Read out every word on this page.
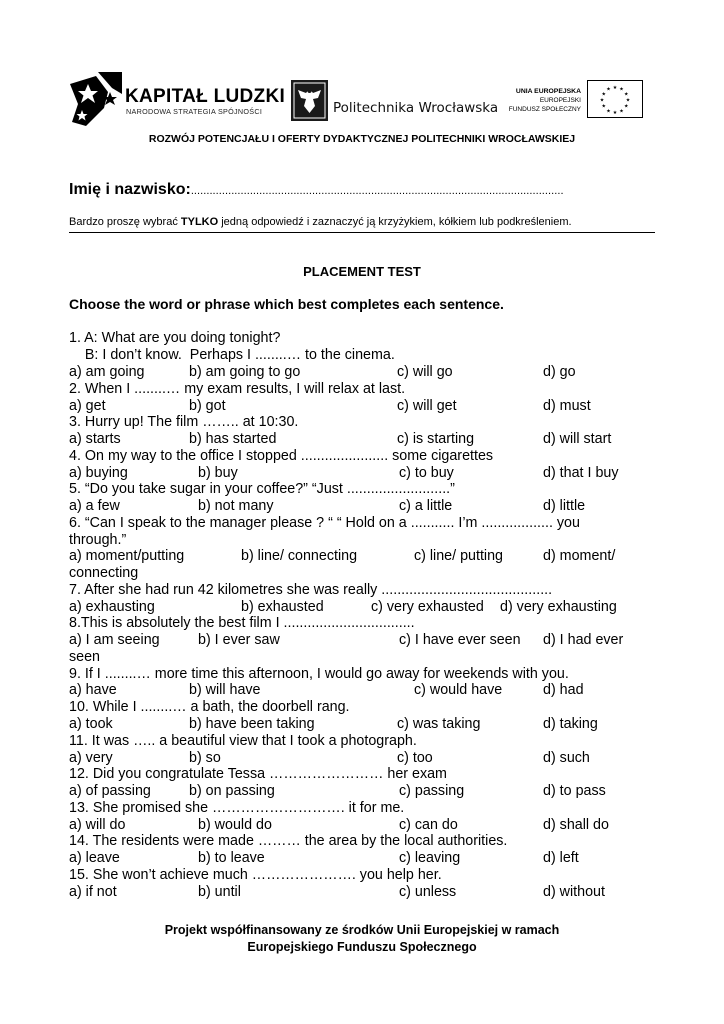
KAPITAŁ LUDZKI
NARODOWA STRATEGIA SPÓJNOŚCI	Politechnika Wrocławska
UNIA EUROPEJSKA
EUROPEJSKI
FUNDUSZ SPOŁECZNY
★ ★
★
★
★
★
★
★
★
★
★
★
ROZWÓJ POTENCJAŁU I OFERTY DYDAKTYCZNEJ POLITECHNIKI WROCŁAWSKIEJ
Imię i nazwisko:........................................................................................................................
Bardzo proszę wybrać TYLKO jedną odpowiedź i zaznaczyć ją krzyżykiem, kółkiem lub podkreśleniem.
PLACEMENT TEST
Choose the word or phrase which best completes each sentence.
1. A: What are you doing tonight?
B: I don’t know.  Perhaps I ........… to the cinema.
a) am going	b) am going to go	c) will go	d) go
2. When I ........… my exam results, I will relax at last.
a) get	b) got	c) will get	d) must
3. Hurry up! The film …….. at 10:30.
a) starts	b) has started	c) is starting	d) will start
4. On my way to the office I stopped ...................... some cigarettes
a) buying	b) buy	c) to buy	d) that I buy
5. “Do you take sugar in your coffee?” “Just ..........................”
a) a few	b) not many	c) a little	d) little
6. “Can I speak to the manager please ? “ “ Hold on a ........... I’m .................. you
through.”
a) moment/putting	b) line/ connecting	c) line/ putting	d) moment/
connecting
7. After she had run 42 kilometres she was really ...........................................
a) exhausting	b) exhausted	c) very exhausted d) very exhausting
8.This is absolutely the best film I .................................
a) I am seeing	b) I ever saw	c) I have ever seen d) I had ever
seen
9. If I ........… more time this afternoon, I would go away for weekends with you.
a) have	b) will have	c) would have	d) had
10. While I ........… a bath, the doorbell rang.
a) took	b) have been taking	c) was taking	d) taking
11. It was ….. a beautiful view that I took a photograph.
a) very	b) so	c) too	d) such
12. Did you congratulate Tessa …………………… her exam
a) of passing	b) on passing	c) passing	d) to pass
13. She promised she ………………………. it for me.
a) will do	b) would do	c) can do	d) shall do
14. The residents were made ……… the area by the local authorities.
a) leave	b) to leave	c) leaving	d) left
15. She won’t achieve much …………………. you help her.
a) if not	b) until	c) unless	d) without
Projekt współfinansowany ze środków Unii Europejskiej w ramach
Europejskiego Funduszu Społecznego
